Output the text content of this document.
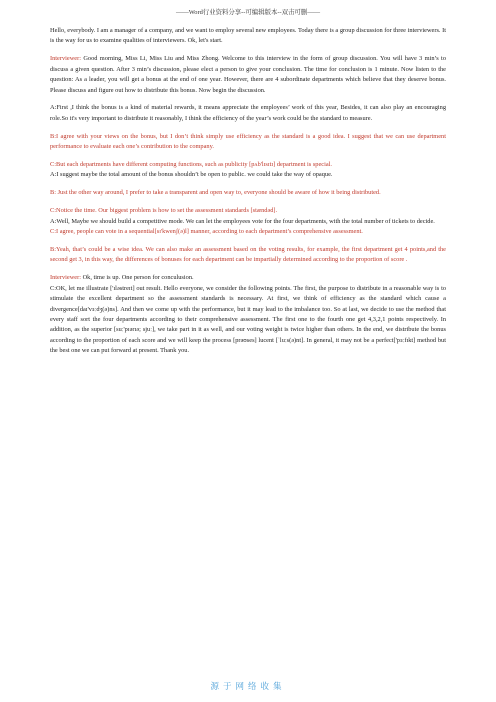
——Word行业资料分享--可编辑版本--双击可删——

Hello, everybody. I am a manager of a company, and we want to employ several new employees. Today there is a group discussion for three interviewers. It is the way for us to examine qualities of interviewers. Ok, let's start.

Interviewer: Good morning, Miss Li, Miss Liu and Miss Zhong. Welcome to this interview in the form of group discussion. You will have 3 min’s to discuss a given question. After 3 min’s discussion, please elect a person to give your conclusion. The time for conclusion is 1 minute. Now listen to the question: As a leader, you will get a bonus at the end of one year. However, there are 4 subordinate departments which believe that they deserve bonus. Please discuss and figure out how to distribute this bonus. Now begin the discussion.

A:First ,I think the bonus is a kind of material rewards, it means appreciate the employees’ work of this year, Besides, it can also play an encouraging role.So it's very important to distribute it reasonably, I think the efficiency of the year’s work could be the standard to measure.

B:I agree with your views on the bonus, but I don’t think simply use efficiency as the standard is a good idea. I suggest that we can use department performance to evaluate each one’s contribution to the company.

C:But each departments have different computing functions, such as publicity [pʌb'lɪsɪtɪ] department is special.
A:I suggest maybe the total amount of the bonus shouldn’t be open to public. we could take the way of opaque.

B: Just the other way around, I prefer to take a transparent and open way to, everyone should be aware of how it being distributed.

C:Notice the time. Our biggest problem is how to set the assessment standards [stændəd].
A:Well, Maybe we should build a competitive mode. We can let the employees vote for the four departments, with the total number of tickets to decide.
C:I agree, people can vote in a sequential[sɪ'kwenʃ(ə)l] manner, according to each department’s comprehensive assessment.

B:Yeah, that’s could be a wise idea. We can also make an assessment based on the voting results, for example, the first department get 4 points,and the second get 3, in this way, the differences of bonuses for each department can be impartially determined according to the proportion of score .

Interviewer: Ok, time is up. One person for conculusion.
C:OK, let me illustrate ['ɪləstreɪt] out result. Hello everyone, we consider the following points. The first, the purpose to distribute in a reasonable way is to stimulate the excellent department so the assessment standards is necessary. At first, we think of efficiency as the standard which cause a divergence[daɪ'vɜːdʒ(ə)ns]. And then we come up with the performance, but it may lead to the imbalance too. So at last, we decide to use the method that every staff sort the four departments according to their comprehensive assessment. The first one to the fourth one get 4,3,2,1 points respectively. In addition, as the superior [suː'pɪərɪə; sjuː], we take part in it as well, and our voting weight is twice higher than others. In the end, we distribute the bonus according to the proportion of each score and we will keep the process [prəʊses] lucent [ˈluːs(ə)nt]. In general, it may not be a perfect['pɜːfɪkt] method but the best one we can put forward at present. Thank you.

源于网络收集
